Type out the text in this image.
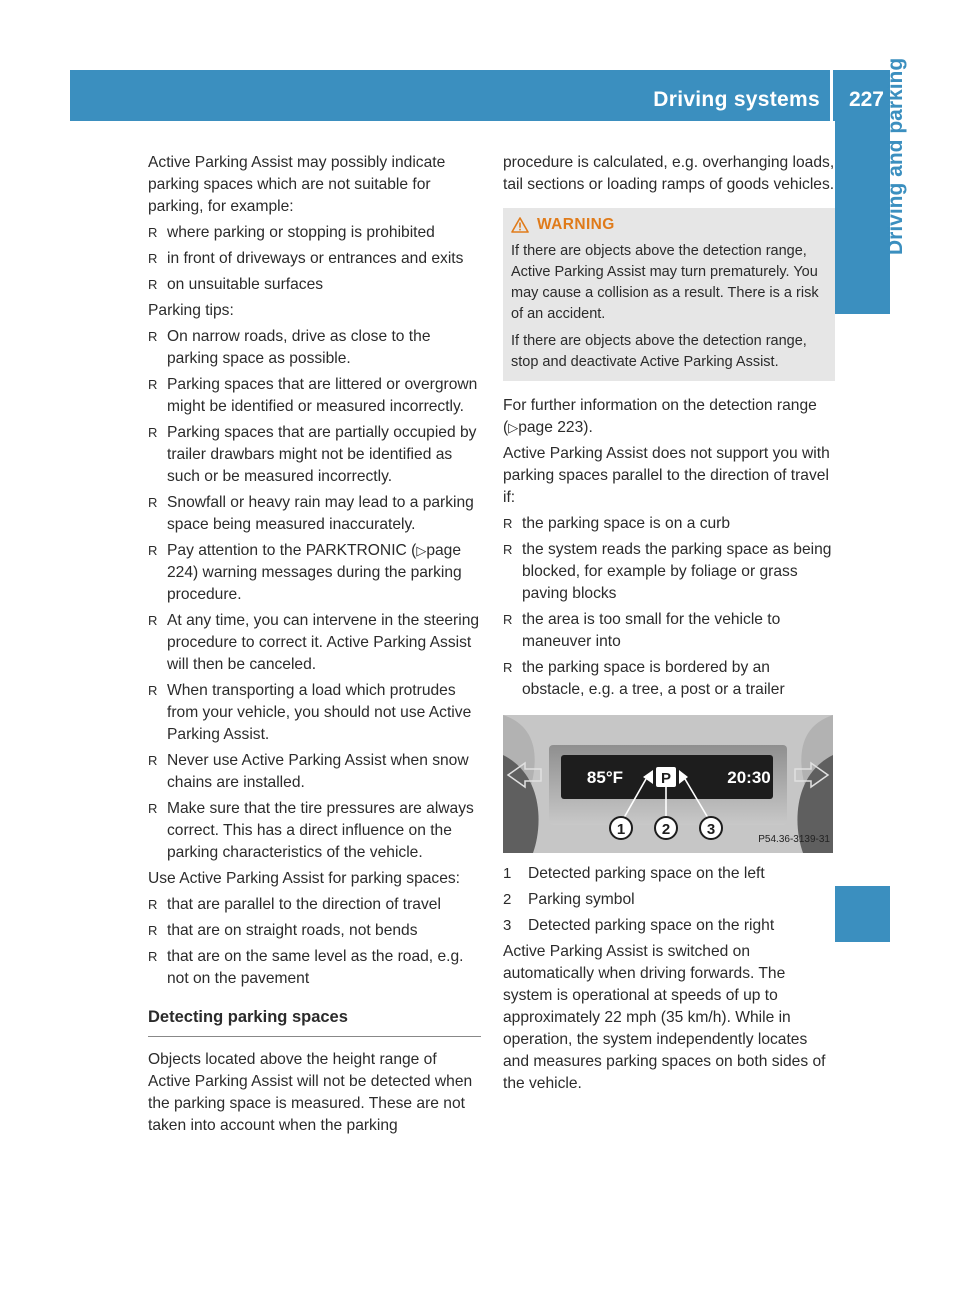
Driving systems 227 Driving and parking

Active Parking Assist may possibly indicate parking spaces which are not suitable for parking, for example:

R where parking or stopping is prohibited
R in front of driveways or entrances and exits
R on unsuitable surfaces

Parking tips:

R On narrow roads, drive as close to the parking space as possible.
R Parking spaces that are littered or overgrown might be identified or measured incorrectly.
R Parking spaces that are partially occupied by trailer drawbars might not be identified as such or be measured incorrectly.
R Snowfall or heavy rain may lead to a parking space being measured inaccurately.
R Pay attention to the PARKTRONIC (▷page 224) warning messages during the parking procedure.
R At any time, you can intervene in the steering procedure to correct it. Active Parking Assist will then be canceled.
R When transporting a load which protrudes from your vehicle, you should not use Active Parking Assist.
R Never use Active Parking Assist when snow chains are installed.
R Make sure that the tire pressures are always correct. This has a direct influence on the parking characteristics of the vehicle.

Use Active Parking Assist for parking spaces:

R that are parallel to the direction of travel
R that are on straight roads, not bends
R that are on the same level as the road, e.g. not on the pavement
Detecting parking spaces

Objects located above the height range of Active Parking Assist will not be detected when the parking space is measured. These are not taken into account when the parking

procedure is calculated, e.g. overhanging loads, tail sections or loading ramps of goods vehicles.

WARNING

If there are objects above the detection range, Active Parking Assist may turn prematurely. You may cause a collision as a result. There is a risk of an accident.

If there are objects above the detection range, stop and deactivate Active Parking Assist.

For further information on the detection range (▷page 223).

Active Parking Assist does not support you with parking spaces parallel to the direction of travel if:

R the parking space is on a curb
R the system reads the parking space as being blocked, for example by foliage or grass paving blocks
R the area is too small for the vehicle to maneuver into
R the parking space is bordered by an obstacle, e.g. a tree, a post or a trailer
85°F	P	20:30
1 2 3
P54.36-3139-31
1 Detected parking space on the left
2 Parking symbol
3 Detected parking space on the right

Active Parking Assist is switched on automatically when driving forwards. The system is operational at speeds of up to approximately 22 mph (35 km/h). While in operation, the system independently locates and measures parking spaces on both sides of the vehicle.
